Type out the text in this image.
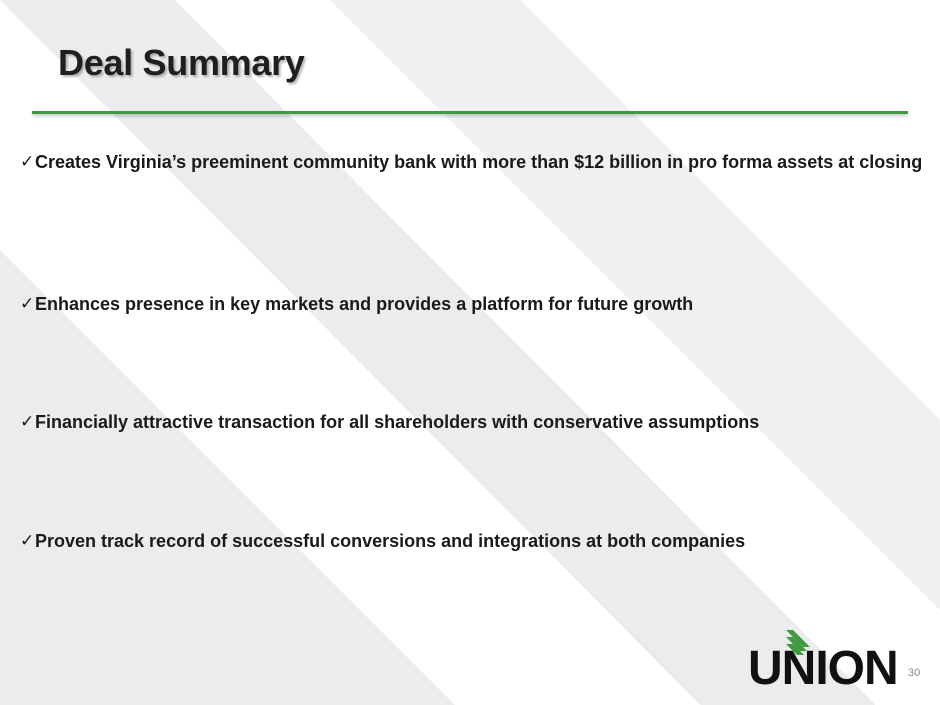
Deal Summary
✓ Creates Virginia’s preeminent community bank with more than $12 billion in pro forma assets at closing
✓ Enhances presence in key markets and provides a platform for future growth
✓ Financially attractive transaction for all shareholders with conservative assumptions
✓ Proven track record of successful conversions and integrations at both companies
UNION 30
